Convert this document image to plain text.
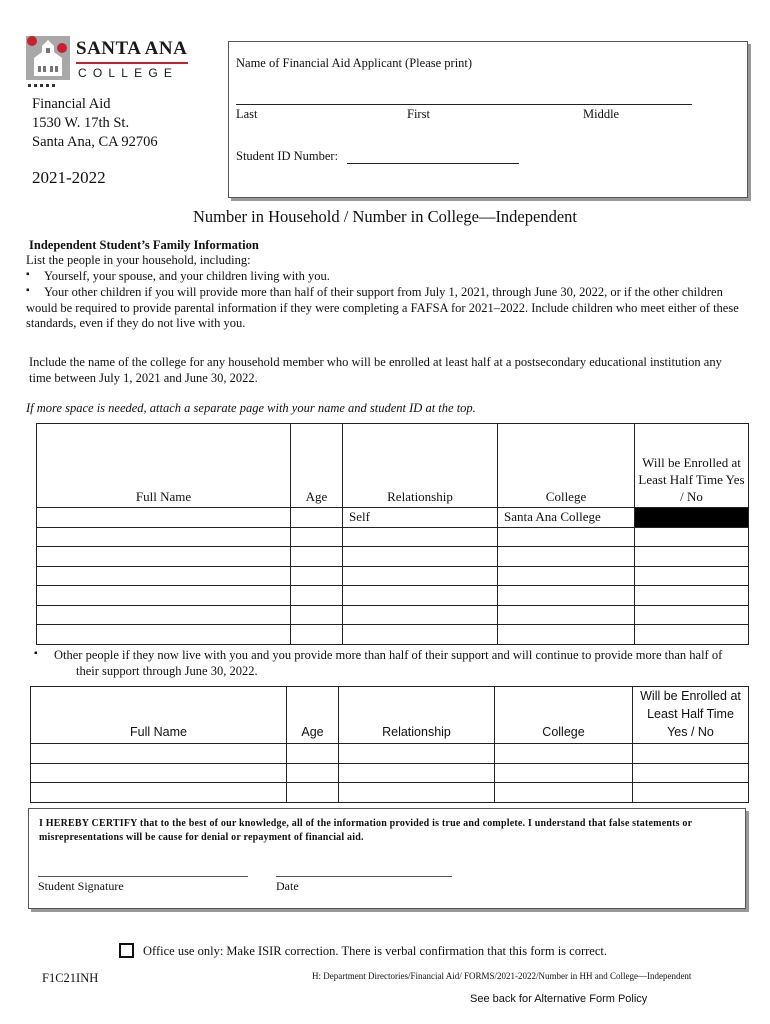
SANTA ANA
COLLEGE
Financial Aid
1530 W. 17th St.
Santa Ana, CA 92706
2021-2022
Name of Financial Aid Applicant (Please print)
Last	First	Middle
Student ID Number:
Number in Household / Number in College—Independent
Independent Student’s Family Information
List the people in your household, including:
▪ Yourself, your spouse, and your children living with you.
▪	Your other children if you will provide more than half of their support from July 1, 2021, through June 30, 2022, or if the other children would be required to provide parental information if they were completing a FAFSA for 2021–2022. Include children who meet either of these standards, even if they do not live with you.
Include the name of the college for any household member who will be enrolled at least half at a postsecondary educational institution any time between July 1, 2021 and June 30, 2022.
If more space is needed, attach a separate page with your name and student ID at the top.
Full Name	Age	Relationship	College	Will be Enrolled at Least Half Time Yes / No
		Self	Santa Ana College	

▪ Other people if they now live with you and you provide more than half of their support and will continue to provide more than half of their support through June 30, 2022.
Full Name	Age	Relationship	College	Will be Enrolled at Least Half Time Yes / No

I HEREBY CERTIFY that to the best of our knowledge, all of the information provided is true and complete. I understand that false statements or misrepresentations will be cause for denial or repayment of financial aid.
Student Signature	Date
Office use only: Make ISIR correction. There is verbal confirmation that this form is correct.
F1C21INH	H: Department Directories/Financial Aid/ FORMS/2021-2022/Number in HH and College—Independent
See back for Alternative Form Policy
